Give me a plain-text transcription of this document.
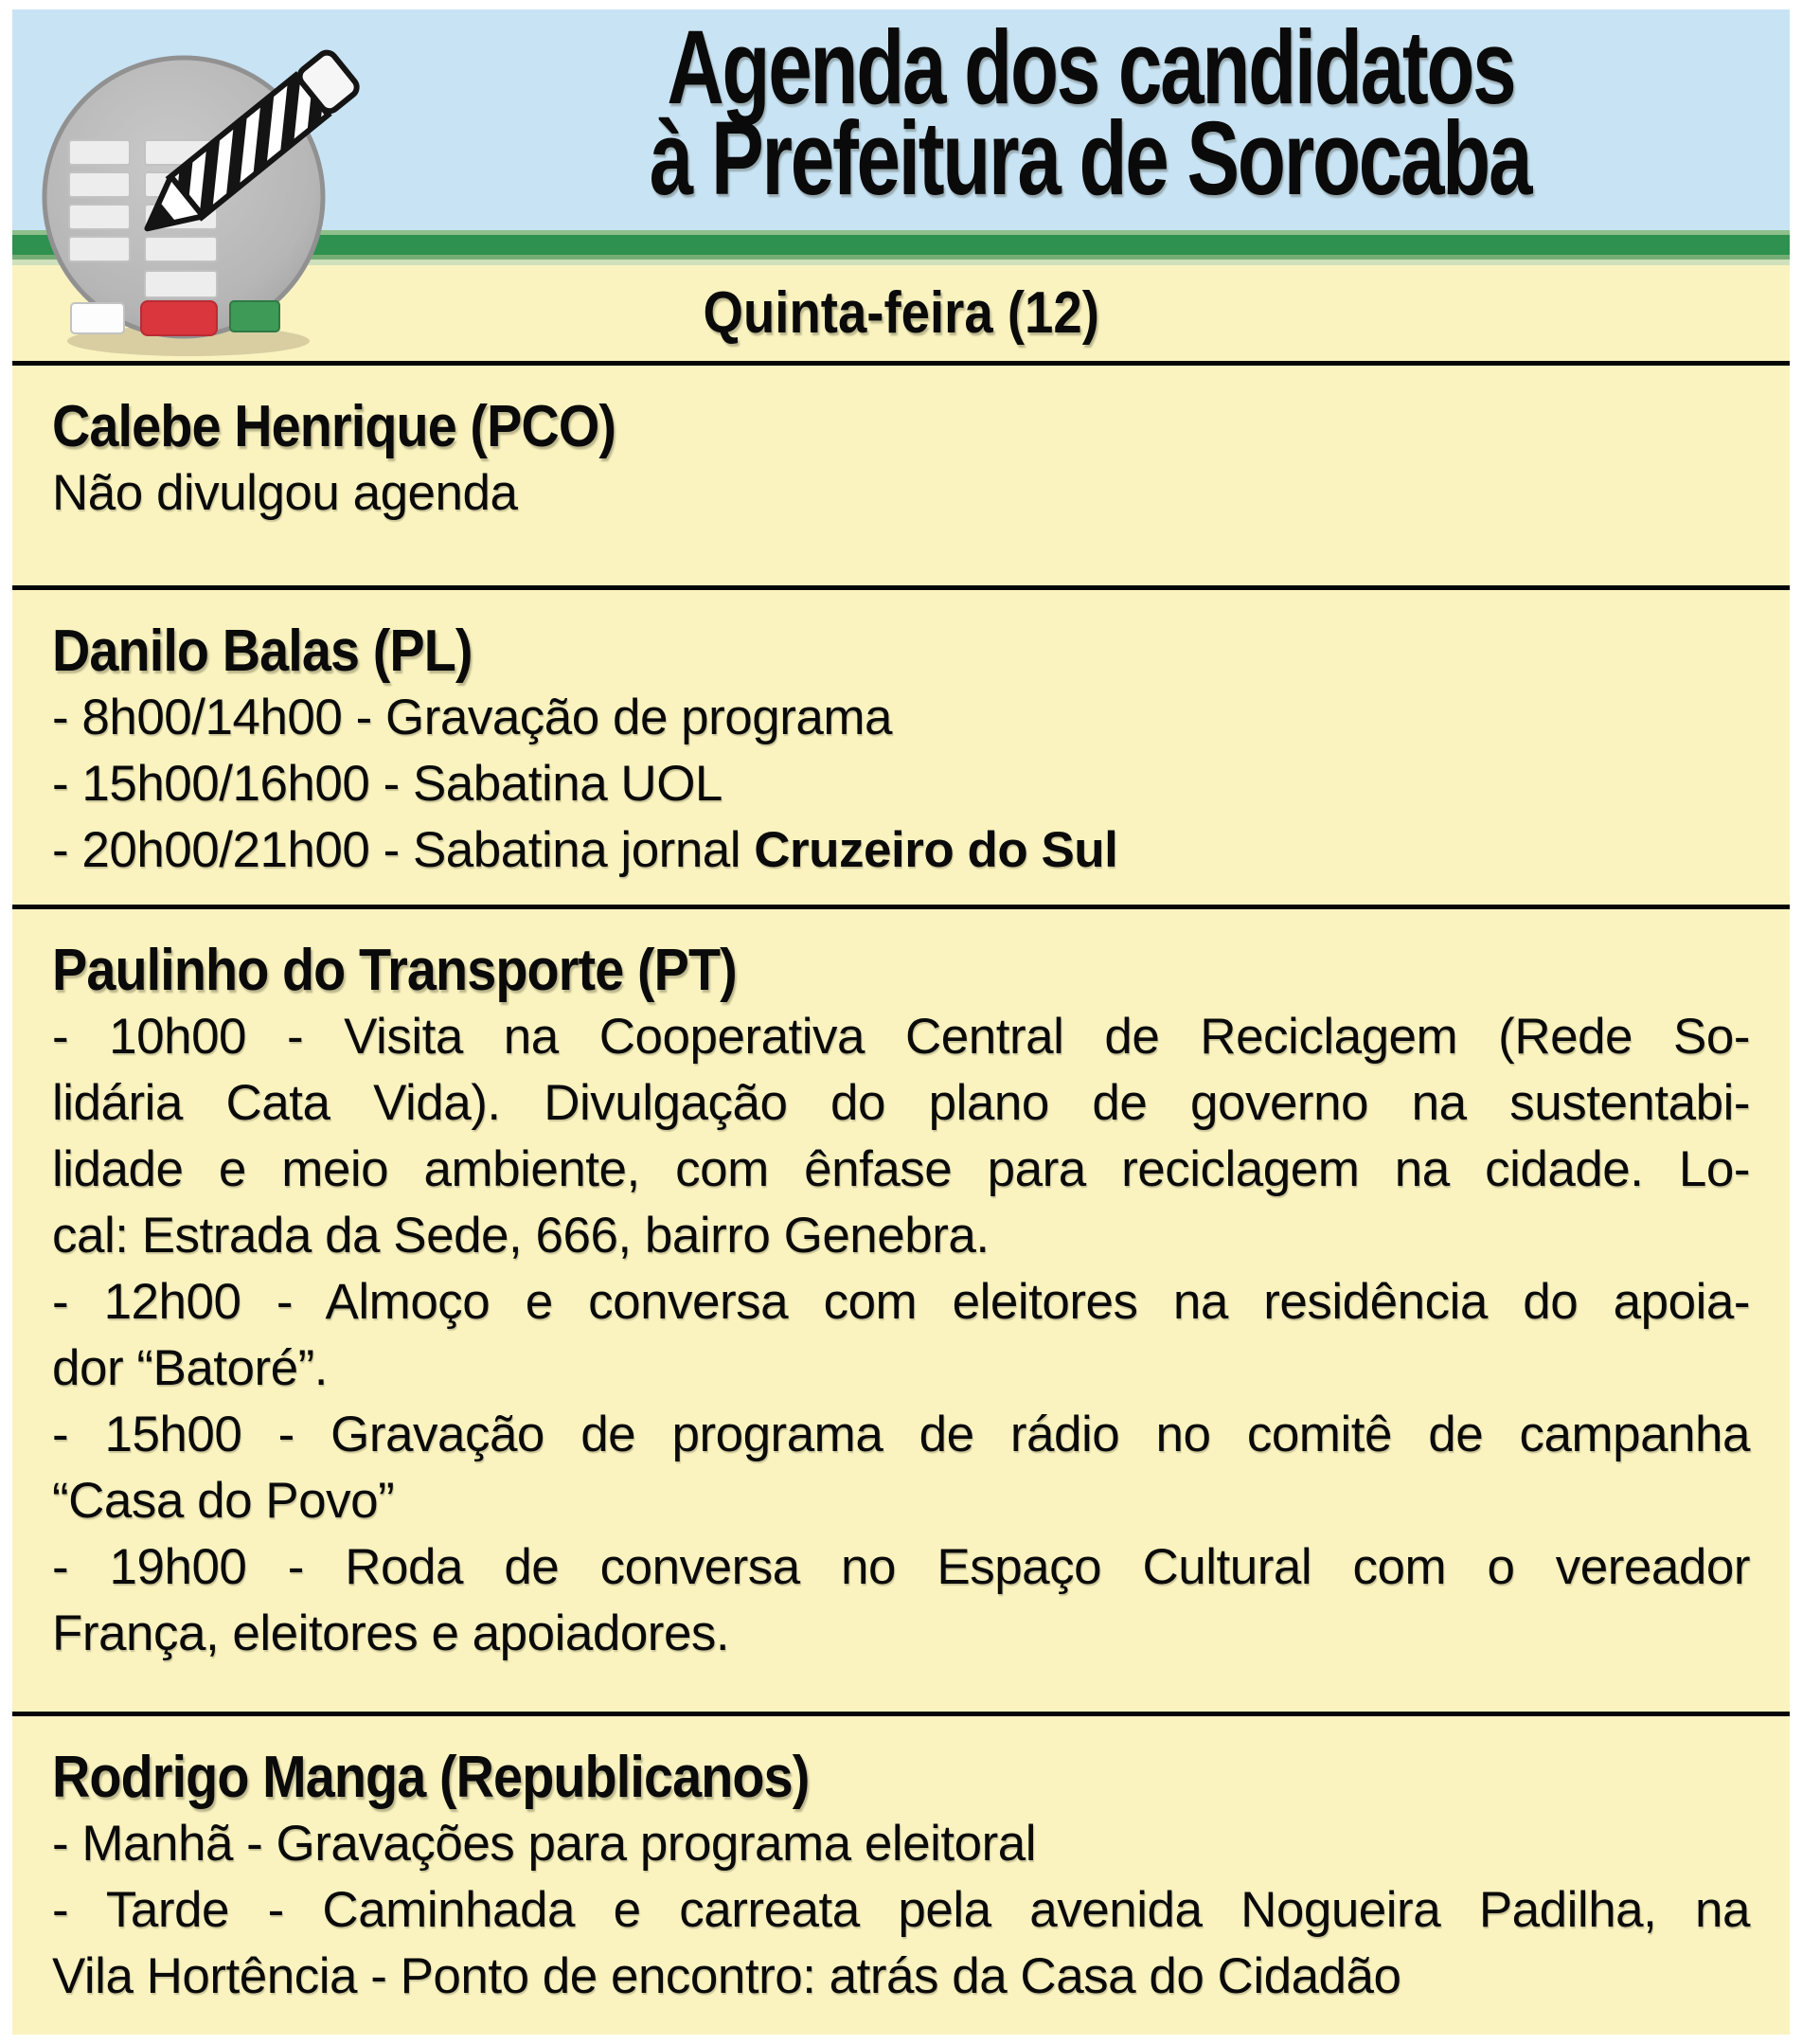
Agenda dos candidatos
à Prefeitura de Sorocaba
Quinta-feira (12)
Calebe Henrique (PCO)
Não divulgou agenda
Danilo Balas (PL)
- 8h00/14h00 - Gravação de programa
- 15h00/16h00 - Sabatina UOL
- 20h00/21h00 - Sabatina jornal Cruzeiro do Sul
Paulinho do Transporte (PT)
- 10h00 - Visita na Cooperativa Central de Reciclagem (Rede So-
lidária Cata Vida). Divulgação do plano de governo na sustentabi-
lidade e meio ambiente, com ênfase para reciclagem na cidade. Lo-
cal: Estrada da Sede, 666, bairro Genebra.
- 12h00 - Almoço e conversa com eleitores na residência do apoia-
dor “Batoré”.
- 15h00 - Gravação de programa de rádio no comitê de campanha
“Casa do Povo”
- 19h00 - Roda de conversa no Espaço Cultural com o vereador
França, eleitores e apoiadores.
Rodrigo Manga (Republicanos)
- Manhã - Gravações para programa eleitoral
- Tarde - Caminhada e carreata pela avenida Nogueira Padilha, na
Vila Hortência - Ponto de encontro: atrás da Casa do Cidadão
